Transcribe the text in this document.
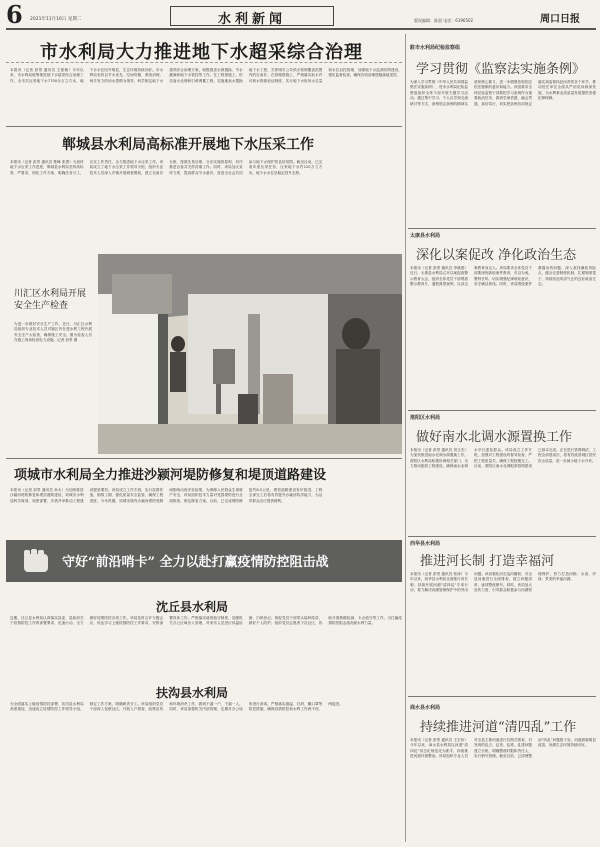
6 2021年11月16日 星期二	水利新闻	版权编辑：陈晨 电话：6196502	周口日报
市水利局大力推进地下水超采综合治理
本报讯（记者 彭景 通讯员 王夏敏）今年以来，市水利局统筹推进地下水超采综合治理工作，全市共压采地下水7700余万立方米，地下水水位回升明显，生态环境持续向好。市水利局坚持以节水优先、空间均衡、系统治理、两手发力的治水思路为指导，科学制定地下水超采综合治理方案，积极推进水源置换、节水灌溉和地下水管控等工作。在工程措施上，依托南水北调和引黄调蓄工程，实施地表水置换地下水工程，关停城市公共供水管网覆盖范围内的自备井；在管理措施上，严格落实取水许可和水资源论证制度，实行地下水取用水总量和水位双控管理，加强地下水监测站网建设，强化监督检查，确保各项治理措施落地见效。
郸城县水利局高标准开展地下水压采工作
本报讯（记者 彭景 通讯员 楚峰 张勇）为加快地下水压采工作进度，郸城县水利局坚持高标准、严要求，细化工作方案，明确任务分工，压实工作责任，全力推进地下水压采工作。该局成立了地下水压采工作领导小组，组织专业技术人员深入乡镇开展调查摸底，建立自备井台账，按照先易后难、分步实施的原则，有序推进自备井关停封填工作。同时，该局加大宣传力度，提高群众节水意识，营造全社会共同参与地下水保护的良好氛围。截至目前，已完成年度压采任务，压采地下水约120万立方米，地下水水位呈稳定回升态势。
川汇区水利局开展安全生产检查
为进一步做好安全生产工作，近日，川汇区水利局组织专业技术人员对辖区内在建水利工程开展安全生产大检查，确保施工安全。图为检查人员在施工现场检查电力设施。记者 彭景 摄
项城市水利局全力推进沙颍河堤防修复和堤顶道路建设
本报讯（记者 彭景 通讯员 孙永）为加快推进沙颍河堤防修复和堤顶道路建设，项城市水利局科学谋划、周密部署，多措并举推动工程建设提质增效。该局成立工作专班，实行挂图作战，倒排工期，强化质量安全监管，确保工程进度。今年汛期，项城市境内沙颍河堤防受降雨影响出现多处险情，为保障人民群众生命财产安全，该局组织技术力量对受损堤防进行全面排查，制定修复方案。目前，已完成堤防修复约8.5公里，堤顶道路建设有序推进，工程全部完工后将有效提升沙颍河防洪能力，为沿岸群众出行提供便利。
守好“前沿哨卡” 全力以赴打赢疫情防控阻击战
沈丘县水利局
近期，沈丘县水利局认真落实县委、县政府关于疫情防控工作的部署要求，迅速行动，全力做好疫情防控各项工作。该局及时召开专题会议，传达学习上级疫情防控工作要求，安排部署具体工作。严格落实值班值守制度，加强机关办公区域出入管理，对来访人员进行体温检测、扫码登记；督促党员干部带头接种疫苗，做好个人防护；组织党员志愿者下沉社区，协助开展核酸检测、卡点值守等工作，为打赢疫情防控阻击战贡献水利力量。
扶沟县水利局
为全面落实上级疫情防控部署，扶沟县水利局高度重视，迅速成立疫情防控工作领导小组，制定工作方案，明确职责分工。该局组织党员干部深入包联社区，开展入户排查、政策宣传和环境消杀工作，做到不漏一户、不漏一人。同时，该局加强机关内部管理，定期对办公场所进行消毒，严格落实测温、扫码、戴口罩等防控措施，确保疫情防控和水利工作两不误、两促进。
駐市水利局纪检监察组
学习贯彻《监察法实施条例》
为深入学习贯彻《中华人民共和国监察法实施条例》，驻市水利局纪检监察组组织全体干部开展专题学习活动。通过集中学习、个人自学和交流研讨等方式，深刻领会条例的精神实质和核心要义，进一步增强依规依纪依法履职的意识和能力。该组要求全体纪检监察干部要把学习条例作为重要政治任务，做到学深悟透、融会贯通、真信笃行，切实把条例各项规定落实到监督执纪问责的各个环节，推动驻在单位全面从严治党向纵深发展，为水利事业高质量发展提供坚强纪律保障。
太康县水利局
深化以案促改 净化政治生态
本报讯（记者 彭景 通讯员 李晓燕）近日，太康县水利局召开以案促改警示教育大会，组织全体党员干部观看警示教育片，通报典型案例，以身边事教育身边人。该局要求全体党员干部要深刻汲取案件教训，引以为戒，警钟长鸣，切实增强纪律规矩意识，坚守廉洁底线。同时，该局围绕案件暴露出的问题，深入查找廉政风险点，健全完善制度机制，扎紧制度笼子，持续营造风清气正的良好政治生态。
淮阳区水利局
做好南水北调水源置换工作
本报讯（记者 彭景 通讯员 刘文杰）为加快推进南水北调水源置换工作，淮阳区水利局积极协调相关部门，全力推动配套工程建设，确保南水北调水早日惠及群众。该局成立工作专班，加强对工程建设的督导检查，严把工程质量关，确保工程按期完工。目前，淮阳区南水北调配套管网建设已基本完成，正在进行管网调试，工程全部建成后，将有效改善城区居民饮水质量，进一步减少地下水开采。
西华县水利局
推进河长制 打造幸福河
本报讯（记者 彭景 通讯员 张涛）今年以来，西华县水利局全面推行河长制，持续开展河湖“清四乱”专项行动，着力解决河湖管理保护中的突出问题。该局强化河长巡河履职，对全县河流进行全面排查，建立问题清单，逐项整改销号。同时，该局加大宣传力度，引导群众积极参与河湖管理保护，努力打造河畅、水清、岸绿、景美的幸福河湖。
商水县水利局
持续推进河道“清四乱”工作
本报讯（记者 彭景 通讯员 王宏伟）今年以来，商水县水利局以河道“清四乱”常态化规范化为抓手，持续推进河道环境整治。该局组织专业人员对全县主要河道进行拉网式排查，对发现的乱占、乱采、乱堆、乱建问题建立台账，明确整改时限和责任人，实行销号管理。截至目前，已清理整治“四乱”问题数十处，河道面貌明显改善，河湖生态环境持续向好。
